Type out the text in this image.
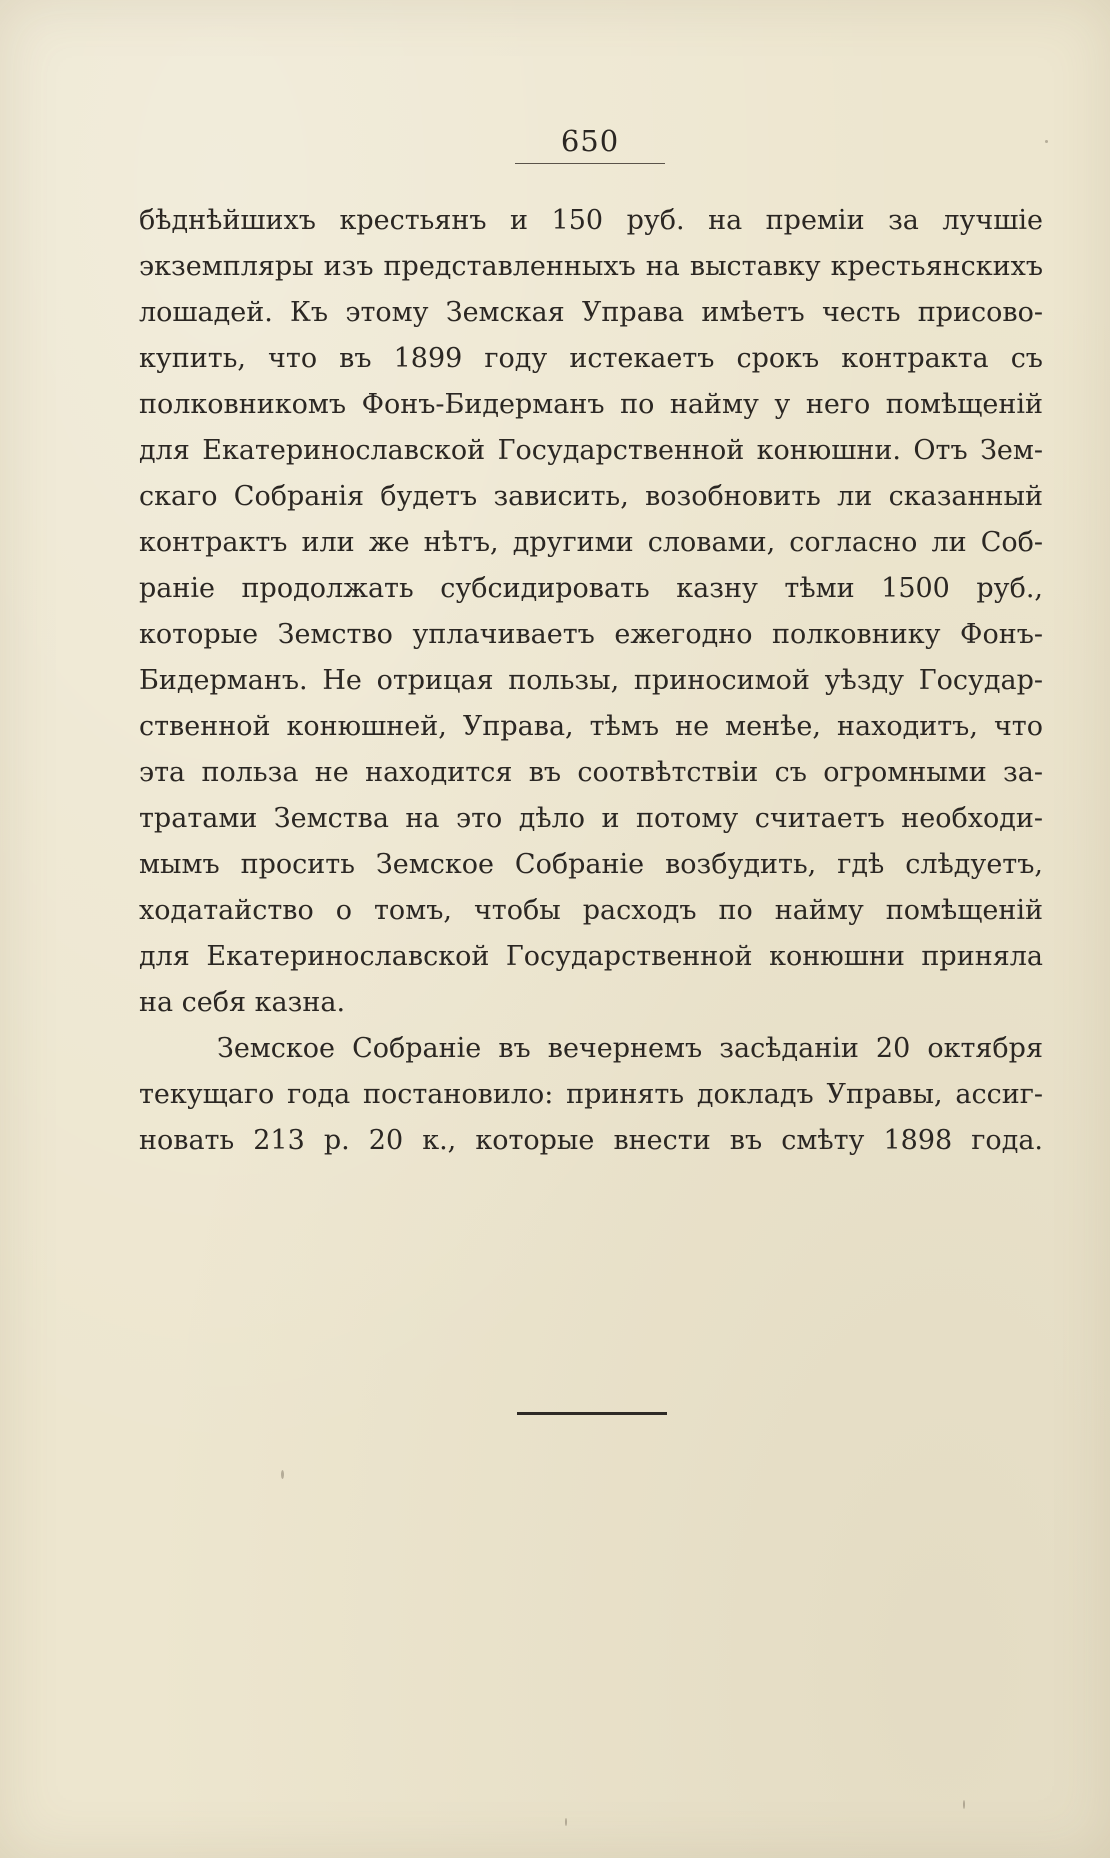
650
бѣднѣйшихъ крестьянъ и 150 руб. на преміи за лучшіе
экземпляры изъ представленныхъ на выставку крестьянскихъ
лошадей. Къ этому Земская Управа имѣетъ честь присово-
купить, что въ 1899 году истекаетъ срокъ контракта съ
полковникомъ Фонъ-Бидерманъ по найму у него помѣщеній
для Екатеринославской Государственной конюшни. Отъ Зем-
скаго Собранія будетъ зависить, возобновить ли сказанный
контрактъ или же нѣтъ, другими словами, согласно ли Соб-
раніе продолжать субсидировать казну тѣми 1500 руб.,
которые Земство уплачиваетъ ежегодно полковнику Фонъ-
Бидерманъ. Не отрицая пользы, приносимой уѣзду Государ-
ственной конюшней, Управа, тѣмъ не менѣе, находитъ, что
эта польза не находится въ соотвѣтствіи съ огромными за-
тратами Земства на это дѣло и потому считаетъ необходи-
мымъ просить Земское Собраніе возбудить, гдѣ слѣдуетъ,
ходатайство о томъ, чтобы расходъ по найму помѣщеній
для Екатеринославской Государственной конюшни приняла
на себя казна.
Земское Собраніе въ вечернемъ засѣданіи 20 октября
текущаго года постановило: принять докладъ Управы, ассиг-
новать 213 р. 20 к., которые внести въ смѣту 1898 года.
